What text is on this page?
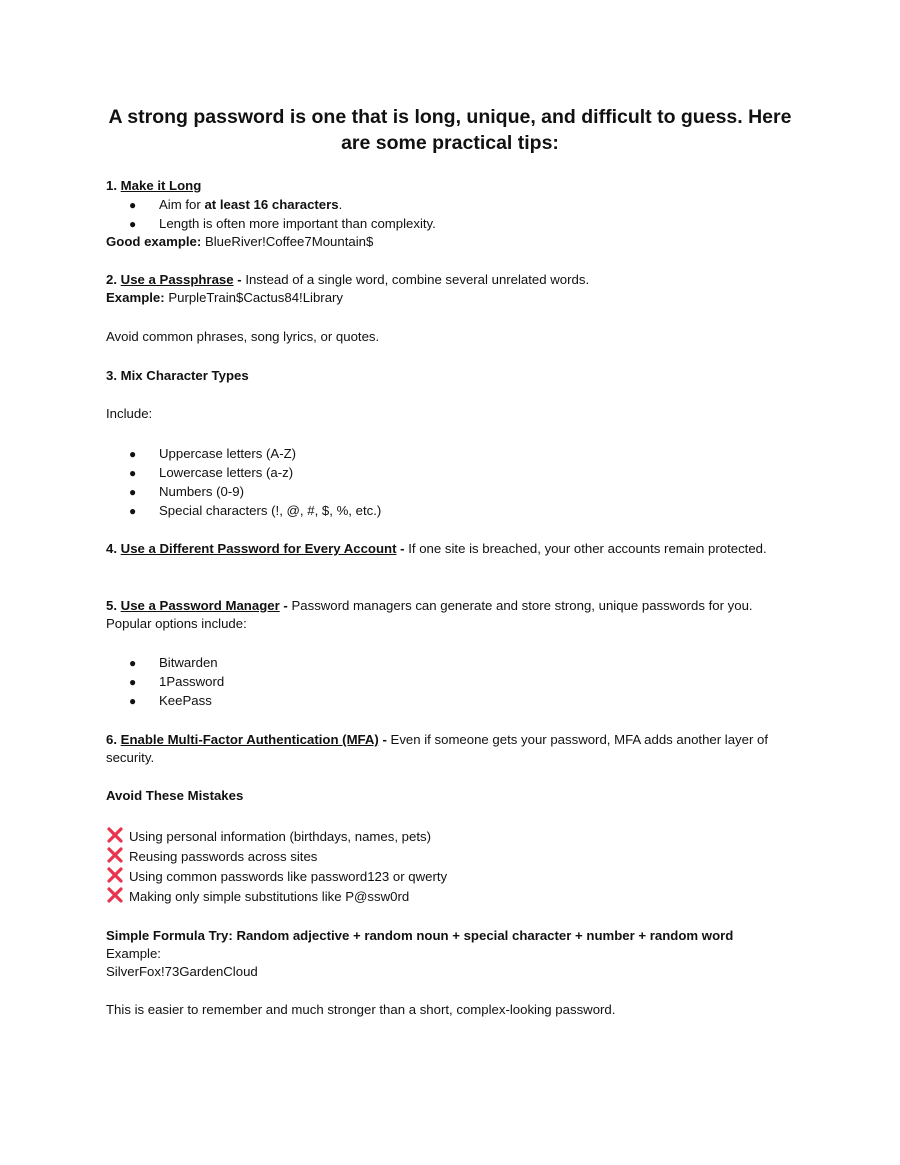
A strong password is one that is long, unique, and difficult to guess. Here are some practical tips:
1. Make it Long
● Aim for at least 16 characters.
● Length is often more important than complexity.
Good example: BlueRiver!Coffee7Mountain$
2. Use a Passphrase - Instead of a single word, combine several unrelated words.
Example: PurpleTrain$Cactus84!Library
Avoid common phrases, song lyrics, or quotes.
3. Mix Character Types
Include:
● Uppercase letters (A-Z)
● Lowercase letters (a-z)
● Numbers (0-9)
● Special characters (!, @, #, $, %, etc.)
4. Use a Different Password for Every Account - If one site is breached, your other accounts remain protected.
5. Use a Password Manager - Password managers can generate and store strong, unique passwords for you. Popular options include:
● Bitwarden
● 1Password
● KeePass
6. Enable Multi-Factor Authentication (MFA) - Even if someone gets your password, MFA adds another layer of security.
Avoid These Mistakes
Using personal information (birthdays, names, pets)
Reusing passwords across sites
Using common passwords like password123 or qwerty
Making only simple substitutions like P@ssw0rd
Simple Formula Try: Random adjective + random noun + special character + number + random word
Example:
SilverFox!73GardenCloud
This is easier to remember and much stronger than a short, complex-looking password.
